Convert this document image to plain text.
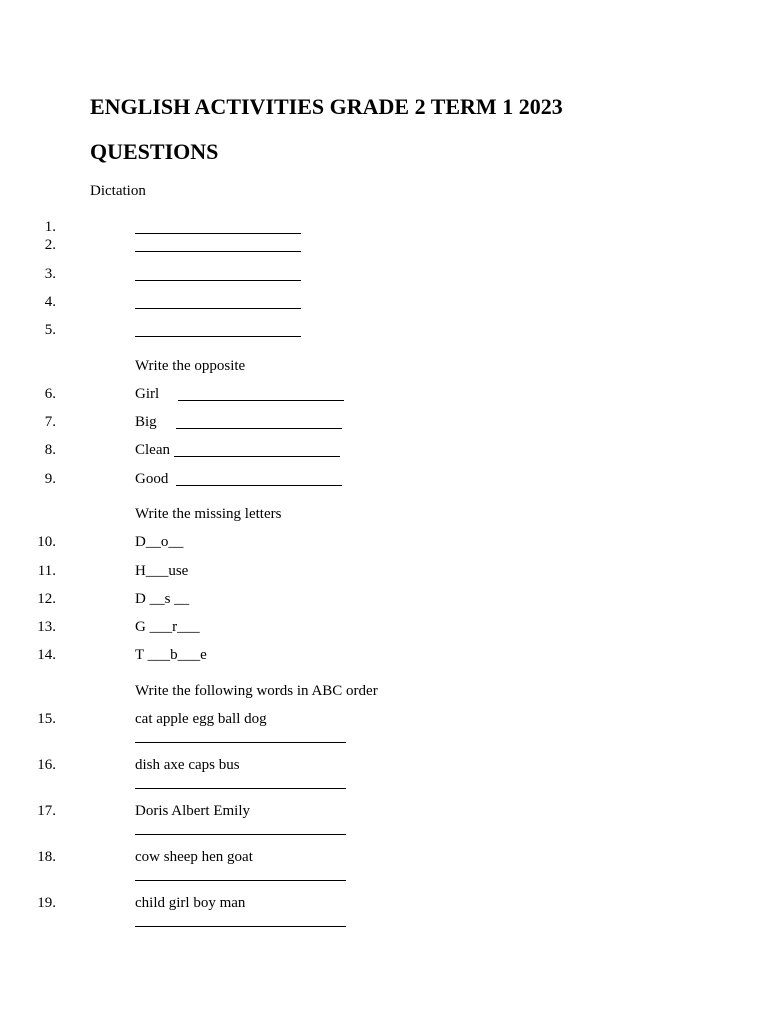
ENGLISH ACTIVITIES GRADE 2 TERM 1 2023
QUESTIONS
Dictation
1.
2.
3.
4.
5.
Write the opposite
6.	Girl
7.	Big
8.	Clean
9.	Good
Write the missing letters
10.	D__o__
11.	H___use
12.	D __s __
13.	G ___r___
14.	T ___b___e
Write the following words in ABC order
15.	cat apple egg ball dog
16.	dish axe caps bus
17.	Doris Albert Emily
18.	cow sheep hen goat
19.	child girl boy man
